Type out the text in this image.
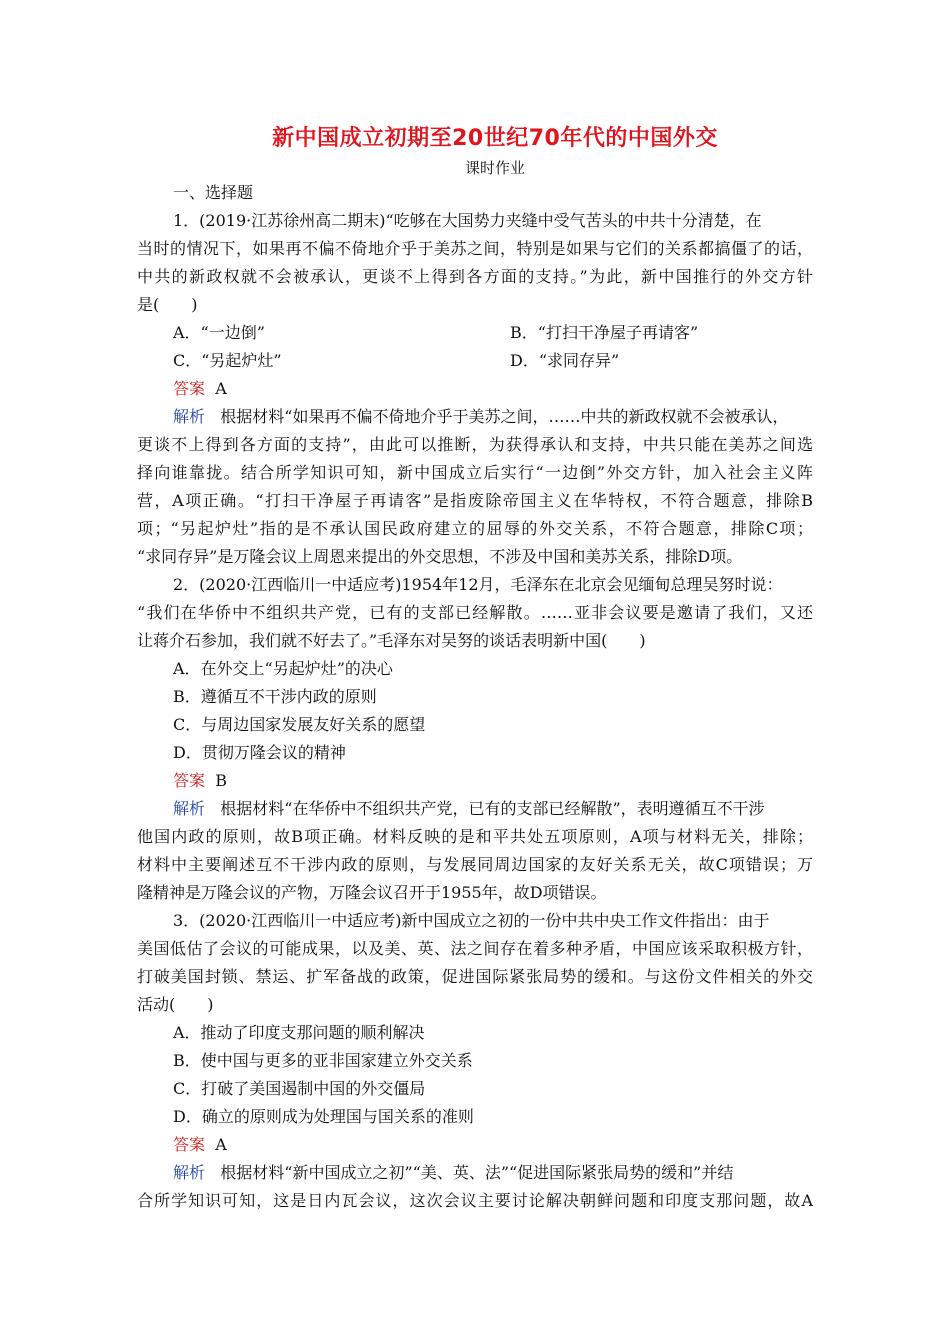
新中国成立初期至20世纪70年代的中国外交
课时作业
一、选择题
1．(2019·江苏徐州高二期末)“吃够在大国势力夹缝中受气苦头的中共十分清楚，在
当时的情况下，如果再不偏不倚地介乎于美苏之间，特别是如果与它们的关系都搞僵了的话，
中共的新政权就不会被承认，更谈不上得到各方面的支持。”为此，新中国推行的外交方针
是(　　)
A．“一边倒”	B．“打扫干净屋子再请客”
C．“另起炉灶”	D．“求同存异”
答案 A
解析 根据材料“如果再不偏不倚地介乎于美苏之间，……中共的新政权就不会被承认，
更谈不上得到各方面的支持”，由此可以推断，为获得承认和支持，中共只能在美苏之间选
择向谁靠拢。结合所学知识可知，新中国成立后实行“一边倒”外交方针，加入社会主义阵
营，A项正确。“打扫干净屋子再请客”是指废除帝国主义在华特权，不符合题意，排除B
项；“另起炉灶”指的是不承认国民政府建立的屈辱的外交关系，不符合题意，排除C项；
“求同存异”是万隆会议上周恩来提出的外交思想，不涉及中国和美苏关系，排除D项。
2．(2020·江西临川一中适应考)1954年12月，毛泽东在北京会见缅甸总理吴努时说：
“我们在华侨中不组织共产党，已有的支部已经解散。……亚非会议要是邀请了我们，又还
让蒋介石参加，我们就不好去了。”毛泽东对吴努的谈话表明新中国(　　)
A．在外交上“另起炉灶”的决心
B．遵循互不干涉内政的原则
C．与周边国家发展友好关系的愿望
D．贯彻万隆会议的精神
答案 B
解析 根据材料“在华侨中不组织共产党，已有的支部已经解散”，表明遵循互不干涉
他国内政的原则，故B项正确。材料反映的是和平共处五项原则，A项与材料无关，排除；
材料中主要阐述互不干涉内政的原则，与发展同周边国家的友好关系无关，故C项错误；万
隆精神是万隆会议的产物，万隆会议召开于1955年，故D项错误。
3．(2020·江西临川一中适应考)新中国成立之初的一份中共中央工作文件指出：由于
美国低估了会议的可能成果，以及美、英、法之间存在着多种矛盾，中国应该采取积极方针，
打破美国封锁、禁运、扩军备战的政策，促进国际紧张局势的缓和。与这份文件相关的外交
活动(　　)
A．推动了印度支那问题的顺利解决
B．使中国与更多的亚非国家建立外交关系
C．打破了美国遏制中国的外交僵局
D．确立的原则成为处理国与国关系的准则
答案 A
解析 根据材料“新中国成立之初”“美、英、法”“促进国际紧张局势的缓和”并结
合所学知识可知，这是日内瓦会议，这次会议主要讨论解决朝鲜问题和印度支那问题，故A
